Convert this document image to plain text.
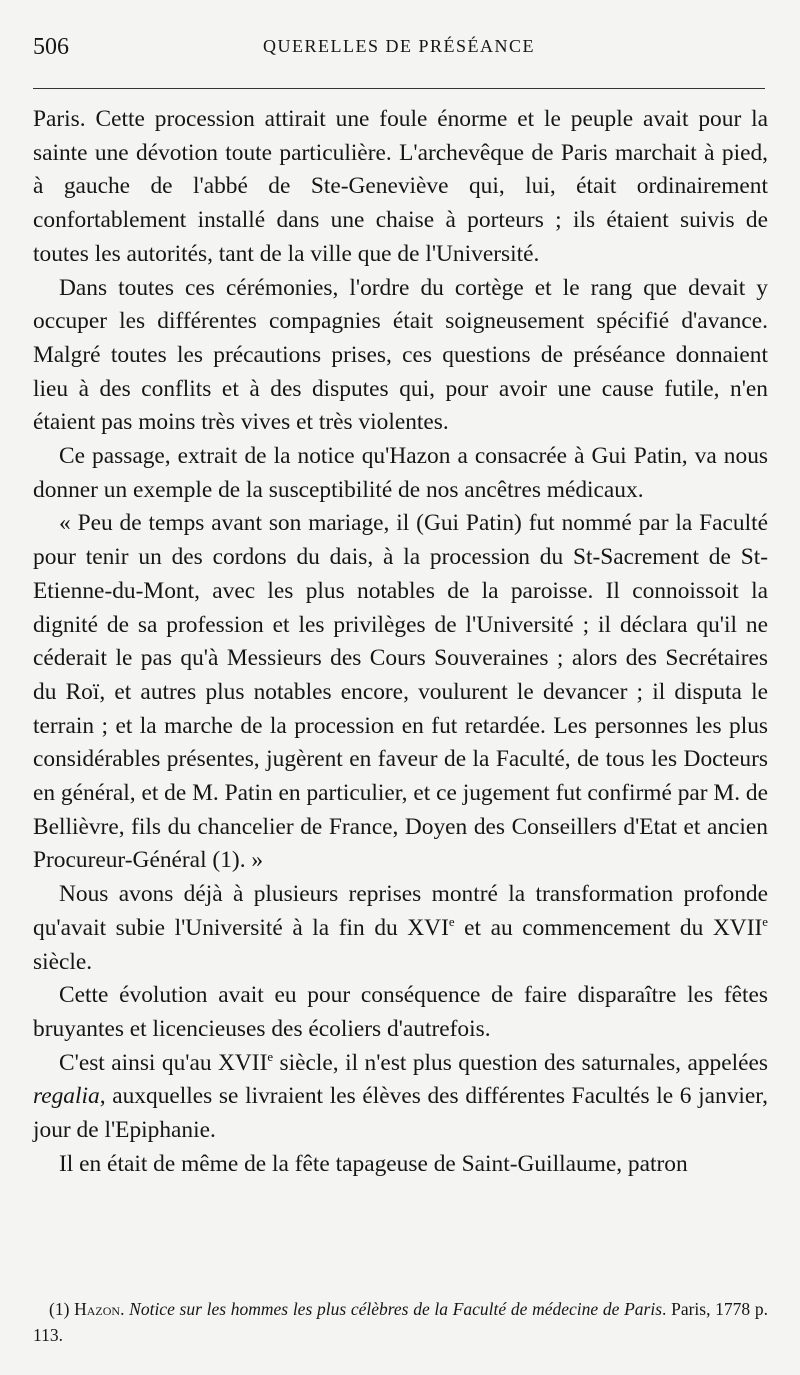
506	QUERELLES DE PRÉSÉANCE

Paris. Cette procession attirait une foule énorme et le peuple avait pour la sainte une dévotion toute particulière. L'archevêque de Paris marchait à pied, à gauche de l'abbé de Ste-Geneviève qui, lui, était ordinairement confortablement installé dans une chaise à porteurs ; ils étaient suivis de toutes les autorités, tant de la ville que de l'Université.

Dans toutes ces cérémonies, l'ordre du cortège et le rang que devait y occuper les différentes compagnies était soigneusement spécifié d'avance. Malgré toutes les précautions prises, ces questions de préséance donnaient lieu à des conflits et à des disputes qui, pour avoir une cause futile, n'en étaient pas moins très vives et très violentes.

Ce passage, extrait de la notice qu'Hazon a consacrée à Gui Patin, va nous donner un exemple de la susceptibilité de nos ancêtres médicaux.

« Peu de temps avant son mariage, il (Gui Patin) fut nommé par la Faculté pour tenir un des cordons du dais, à la procession du St-Sacrement de St-Etienne-du-Mont, avec les plus notables de la paroisse. Il connoissoit la dignité de sa profession et les privilèges de l'Université ; il déclara qu'il ne céderait le pas qu'à Messieurs des Cours Souveraines ; alors des Secrétaires du Roï, et autres plus notables encore, voulurent le devancer ; il disputa le terrain ; et la marche de la procession en fut retardée. Les personnes les plus considérables présentes, jugèrent en faveur de la Faculté, de tous les Docteurs en général, et de M. Patin en particulier, et ce jugement fut confirmé par M. de Bellièvre, fils du chancelier de France, Doyen des Conseillers d'Etat et ancien Procureur-Général (1). »

Nous avons déjà à plusieurs reprises montré la transformation profonde qu'avait subie l'Université à la fin du XVIe et au commencement du XVIIe siècle.

Cette évolution avait eu pour conséquence de faire disparaître les fêtes bruyantes et licencieuses des écoliers d'autrefois.

C'est ainsi qu'au XVIIe siècle, il n'est plus question des saturnales, appelées regalia, auxquelles se livraient les élèves des différentes Facultés le 6 janvier, jour de l'Epiphanie.

Il en était de même de la fête tapageuse de Saint-Guillaume, patron

(1) Hazon. Notice sur les hommes les plus célèbres de la Faculté de médecine de Paris. Paris, 1778 p. 113.
